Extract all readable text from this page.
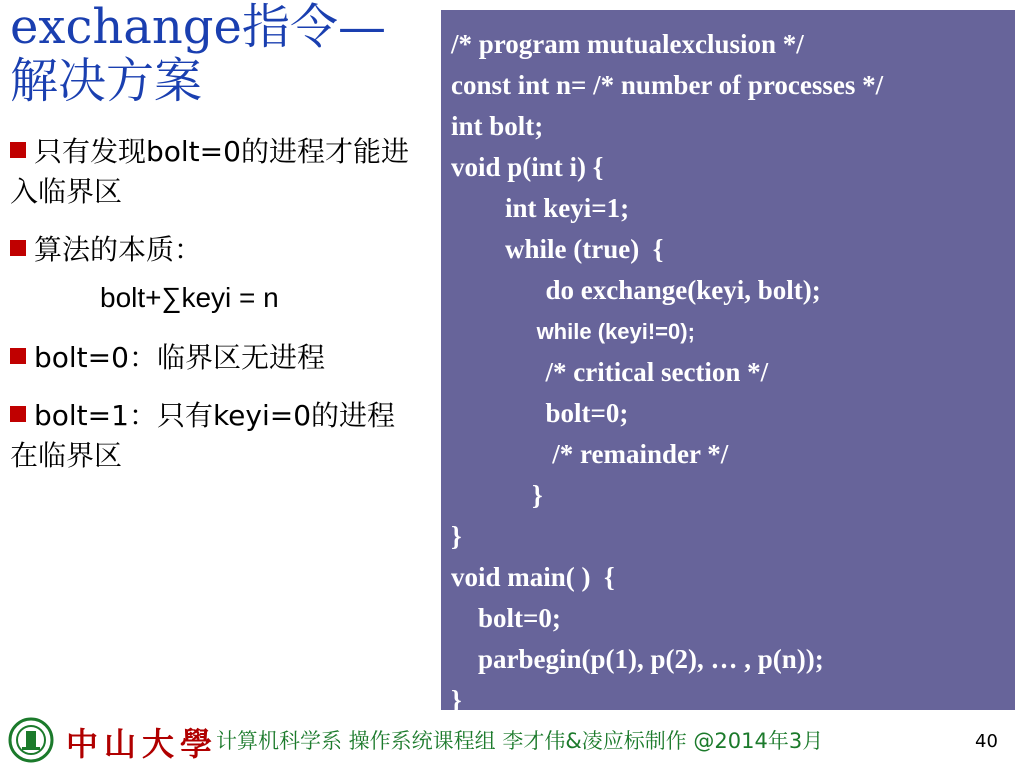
exchange指令—
解决方案
只有发现bolt=0的进程才能进入临界区
算法的本质：
bolt+∑keyi = n
bolt=0：临界区无进程
bolt=1：只有keyi=0的进程在临界区
/* program mutualexclusion */
const int n= /* number of processes */
int bolt;
void p(int i) {
int keyi=1;
while (true)  {
do exchange(keyi, bolt);
while (keyi!=0);
/* critical section */
bolt=0;
/* remainder */
}
}
void main( )  {
bolt=0;
parbegin(p(1), p(2), … , p(n));
}
中山大學
计算机科学系 操作系统课程组 李才伟&凌应标制作 @2014年3月	40
